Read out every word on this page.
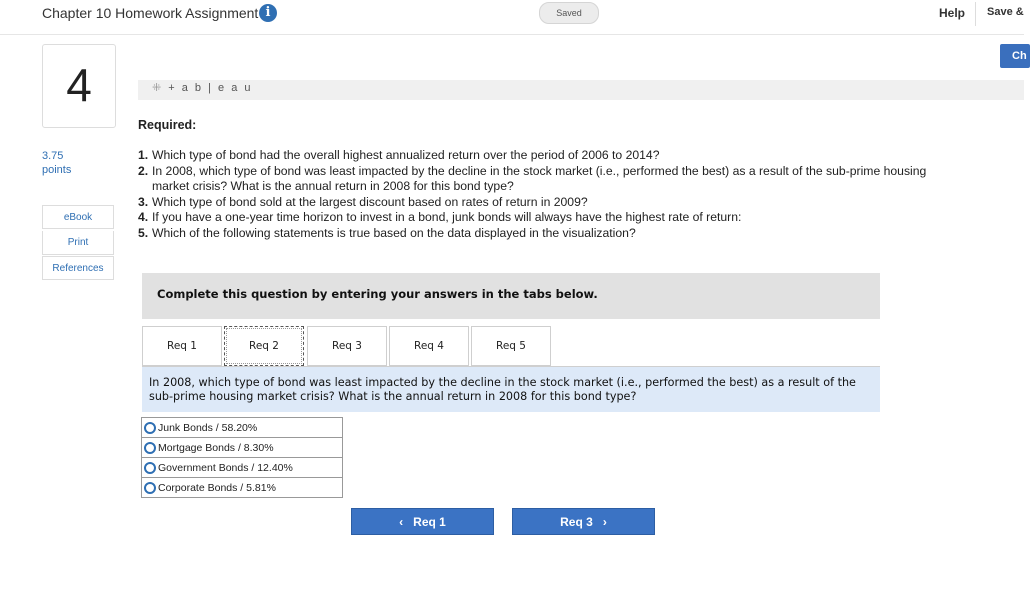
Chapter 10 Homework Assignment i	Saved	Help Save &
Ch
4
3.75
points
eBook
Print
References
⁜ + a b | e a u
Required:
1. Which type of bond had the overall highest annualized return over the period of 2006 to 2014?
2. In 2008, which type of bond was least impacted by the decline in the stock market (i.e., performed the best) as a result of the sub-prime housing market crisis? What is the annual return in 2008 for this bond type?
3. Which type of bond sold at the largest discount based on rates of return in 2009?
4. If you have a one-year time horizon to invest in a bond, junk bonds will always have the highest rate of return:
5. Which of the following statements is true based on the data displayed in the visualization?
Complete this question by entering your answers in the tabs below.
Req 1	Req 2	Req 3	Req 4	Req 5
In 2008, which type of bond was least impacted by the decline in the stock market (i.e., performed the best) as a result of the sub-prime housing market crisis? What is the annual return in 2008 for this bond type?
Junk Bonds / 58.20%
Mortgage Bonds / 8.30%
Government Bonds / 12.40%
Corporate Bonds / 5.81%
‹ Req 1	Req 3 ›
